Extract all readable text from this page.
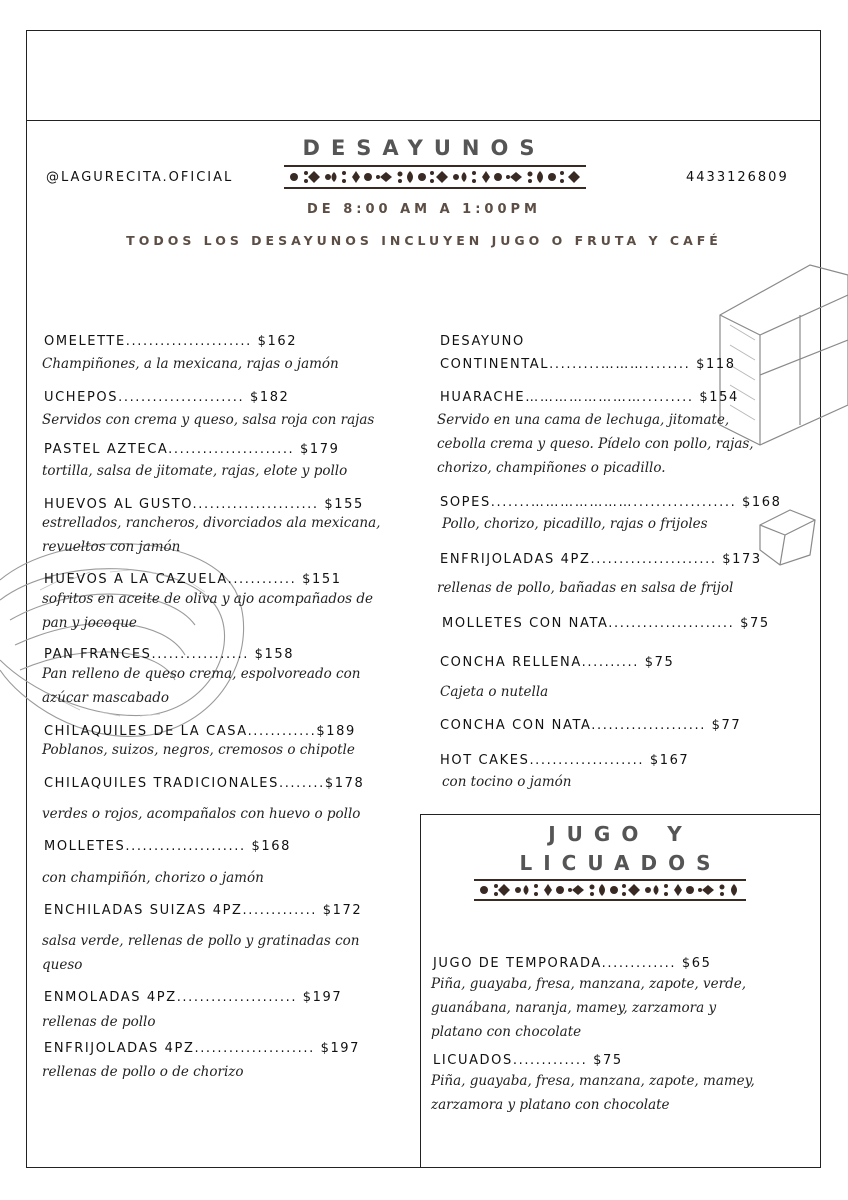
DESAYUNOS
@LAGURECITA.OFICIAL	4433126809
DE 8:00 AM A 1:00PM
TODOS LOS DESAYUNOS INCLUYEN JUGO O FRUTA Y CAFÉ
OMELETTE...................... $162
Champiñones, a la mexicana, rajas o jamón
UCHEPOS...................... $182
Servidos con crema y queso, salsa roja con rajas
PASTEL AZTECA...................... $179
tortilla, salsa de jitomate, rajas, elote y pollo
HUEVOS AL GUSTO...................... $155
estrellados, rancheros, divorciados ala mexicana, revueltos con jamón
HUEVOS A LA CAZUELA............ $151
sofritos en aceite de oliva y ajo acompañados de pan y jocoque
PAN FRANCES................. $158
Pan relleno de queso crema, espolvoreado con azúcar mascabado
CHILAQUILES DE LA CASA............$189
Poblanos, suizos, negros, cremosos o chipotle
CHILAQUILES TRADICIONALES........$178
verdes o rojos, acompañalos con huevo o pollo
MOLLETES..................... $168
con champiñón, chorizo o jamón
ENCHILADAS SUIZAS 4PZ............. $172
salsa verde, rellenas de pollo y gratinadas con queso
ENMOLADAS 4PZ..................... $197
rellenas de pollo
ENFRIJOLADAS 4PZ..................... $197
rellenas de pollo o de chorizo
DESAYUNO
CONTINENTAL.........………........ $118
HUARACHE……………………......... $154
Servido en una cama de lechuga, jitomate, cebolla crema y queso. Pídelo con pollo, rajas, chorizo, champiñones o picadillo.
SOPES.......………………….................. $168
Pollo, chorizo, picadillo, rajas o frijoles
ENFRIJOLADAS 4PZ...................... $173
rellenas de pollo, bañadas en salsa de frijol
MOLLETES CON NATA...................... $75
CONCHA RELLENA.......... $75
Cajeta o nutella
CONCHA CON NATA.................... $77
HOT CAKES.................... $167
con tocino o jamón
JUGO Y
LICUADOS
JUGO DE TEMPORADA............. $65
Piña, guayaba, fresa, manzana, zapote, verde, guanábana, naranja, mamey, zarzamora y platano con chocolate
LICUADOS............. $75
Piña, guayaba, fresa, manzana, zapote, mamey, zarzamora y platano con chocolate
